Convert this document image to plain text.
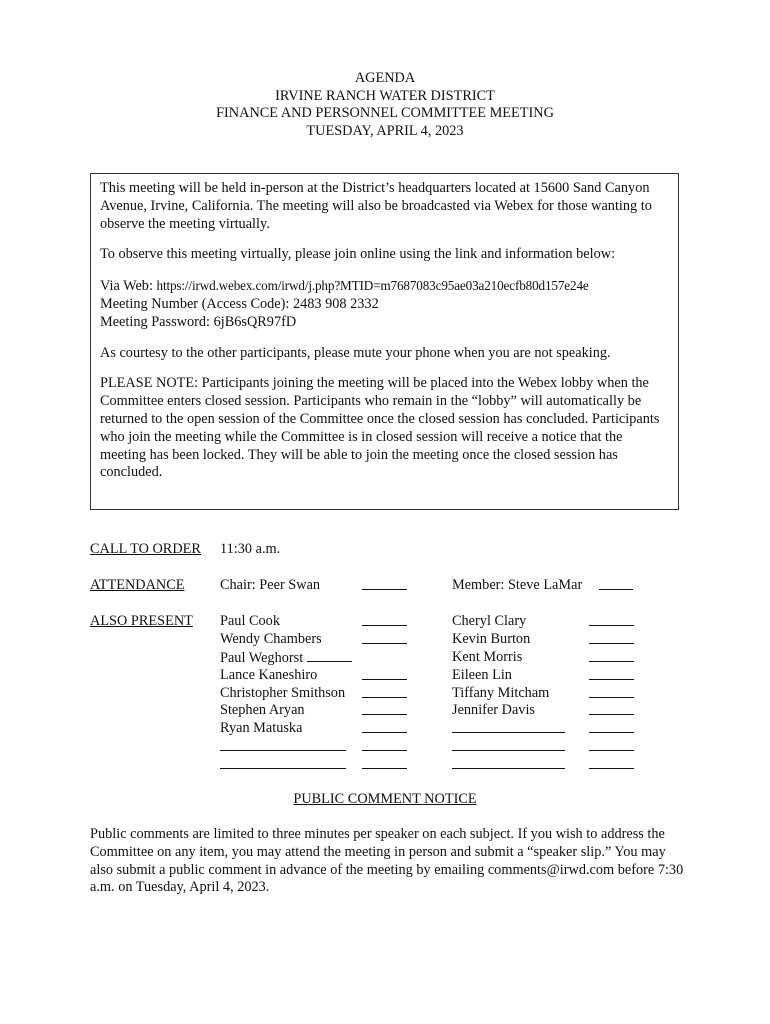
AGENDA
IRVINE RANCH WATER DISTRICT
FINANCE AND PERSONNEL COMMITTEE MEETING
TUESDAY, APRIL 4, 2023

This meeting will be held in-person at the District’s headquarters located at 15600 Sand Canyon Avenue, Irvine, California. The meeting will also be broadcasted via Webex for those wanting to observe the meeting virtually.

To observe this meeting virtually, please join online using the link and information below:

Via Web: https://irwd.webex.com/irwd/j.php?MTID=m7687083c95ae03a210ecfb80d157e24e

Meeting Number (Access Code): 2483 908 2332

Meeting Password: 6jB6sQR97fD

As courtesy to the other participants, please mute your phone when you are not speaking.

PLEASE NOTE: Participants joining the meeting will be placed into the Webex lobby when the Committee enters closed session. Participants who remain in the “lobby” will automatically be returned to the open session of the Committee once the closed session has concluded. Participants who join the meeting while the Committee is in closed session will receive a notice that the meeting has been locked. They will be able to join the meeting once the closed session has concluded.

CALL TO ORDER 11:30 a.m.
ATTENDANCE Chair: Peer Swan	Member: Steve LaMar
ALSO PRESENT Paul Cook
Wendy Chambers
Paul Weghorst
Lance Kaneshiro
Christopher Smithson
Stephen Aryan
Ryan Matuska
Cheryl Clary
Kevin Burton
Kent Morris
Eileen Lin
Tiffany Mitcham
Jennifer Davis
PUBLIC COMMENT NOTICE
Public comments are limited to three minutes per speaker on each subject. If you wish to address the Committee on any item, you may attend the meeting in person and submit a “speaker slip.” You may also submit a public comment in advance of the meeting by emailing comments@irwd.com before 7:30 a.m. on Tuesday, April 4, 2023.
